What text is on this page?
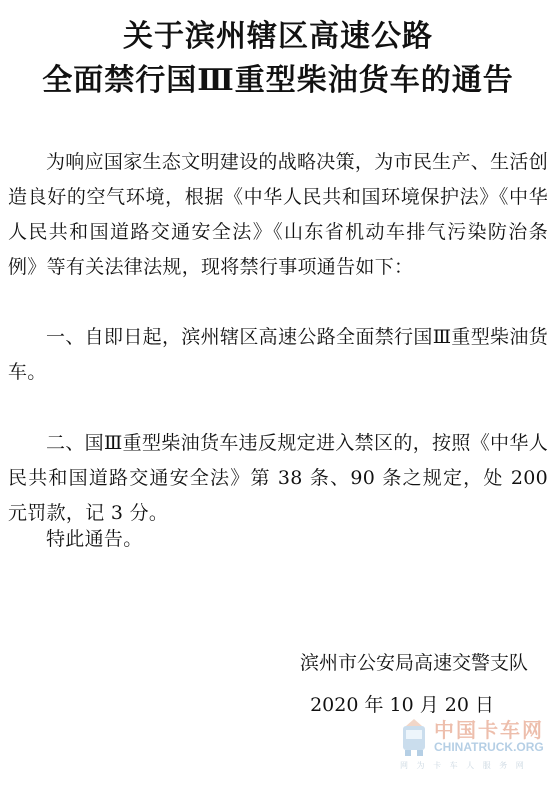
关于滨州辖区高速公路
全面禁行国Ⅲ重型柴油货车的通告

为响应国家生态文明建设的战略决策，为市民生产、生活创造良好的空气环境，根据《中华人民共和国环境保护法》《中华人民共和国道路交通安全法》《山东省机动车排气污染防治条例》等有关法律法规，现将禁行事项通告如下：

一、自即日起，滨州辖区高速公路全面禁行国Ⅲ重型柴油货车。

二、国Ⅲ重型柴油货车违反规定进入禁区的，按照《中华人民共和国道路交通安全法》第 38 条、90 条之规定，处 200 元罚款，记 3 分。

特此通告。

滨州市公安局高速交警支队
2020 年 10 月 20 日
中国卡车网
CHINATRUCK.ORG
网 为 卡 车 人 服 务 网
